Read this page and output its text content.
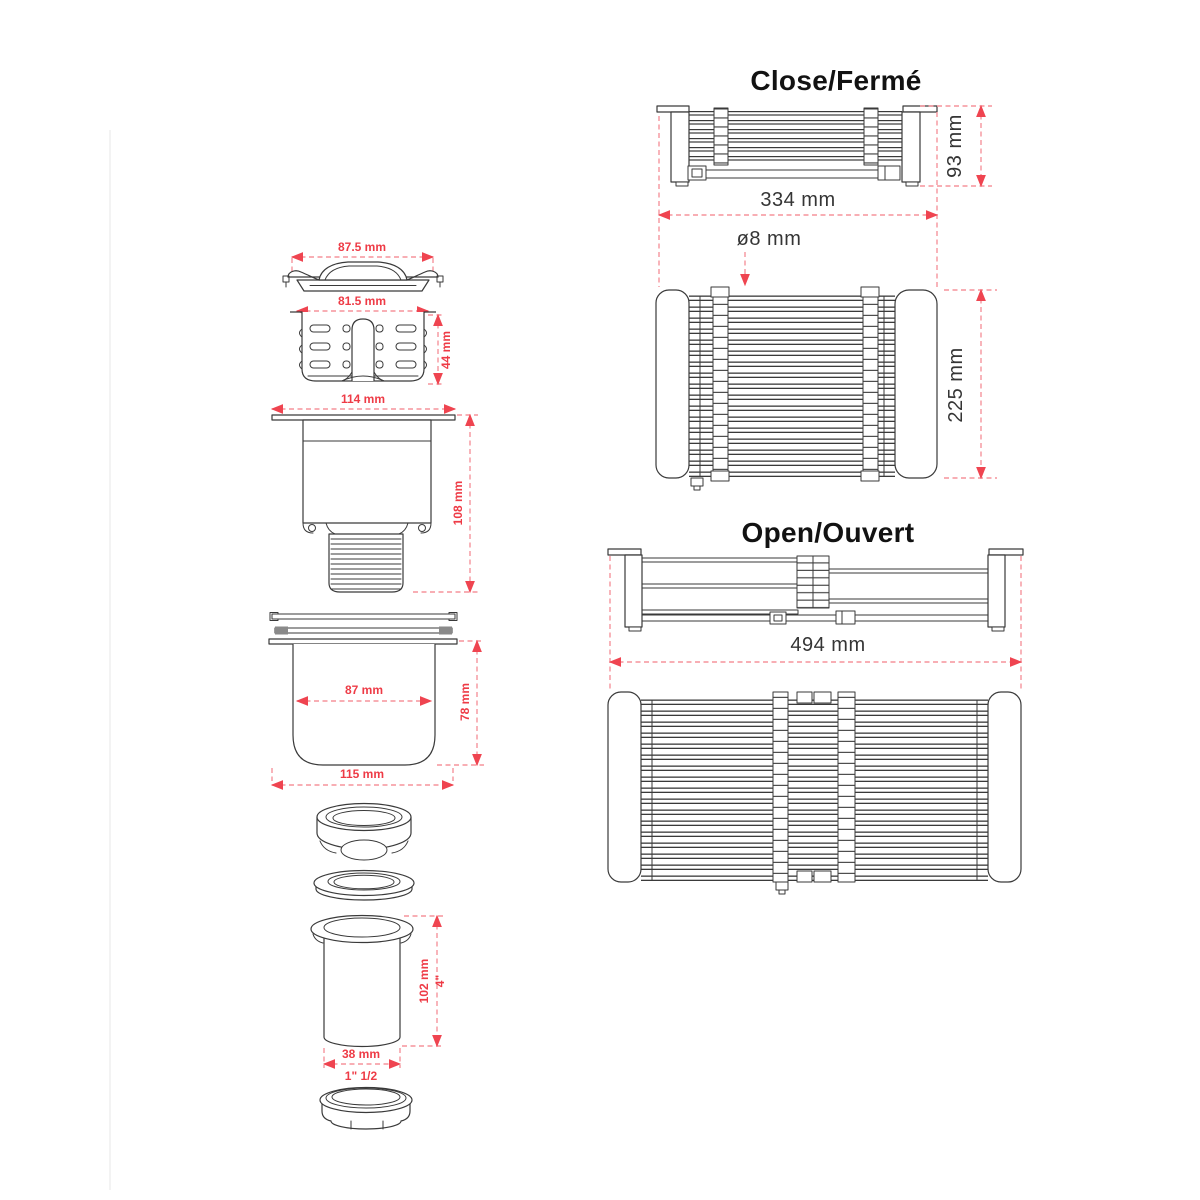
87.5 mm
81.5 mm
44 mm
114 mm
108 mm
87 mm	78 mm
115 mm
102 mm 4"
38 mm
1" 1/2
Close/Fermé
93 mm
334 mm
ø8 mm
225 mm
Open/Ouvert
494 mm
